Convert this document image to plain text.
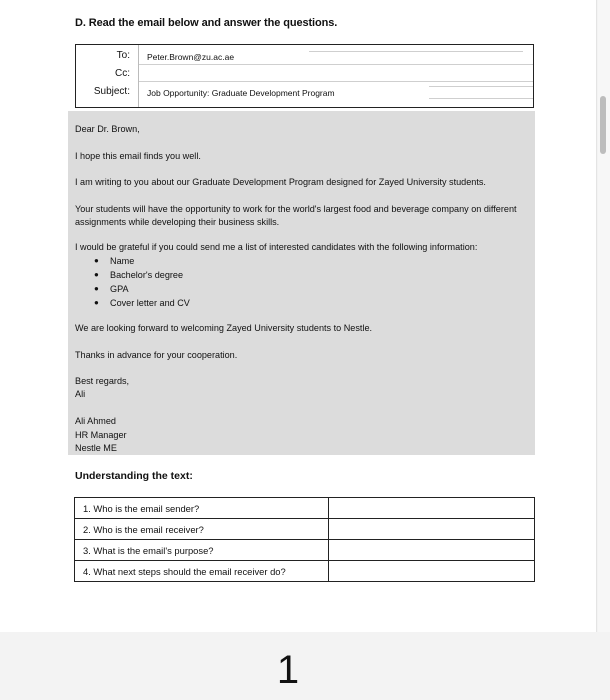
D. Read the email below and answer the questions.
To: Peter.Brown@zu.ac.ae
Cc:
Subject: Job Opportunity: Graduate Development Program
Dear Dr. Brown,
I hope this email finds you well.
I am writing to you about our Graduate Development Program designed for Zayed University students.
Your students will have the opportunity to work for the world's largest food and beverage company on different assignments while developing their business skills.
I would be grateful if you could send me a list of interested candidates with the following information:
● Name
● Bachelor's degree
● GPA
● Cover letter and CV
We are looking forward to welcoming Zayed University students to Nestle.
Thanks in advance for your cooperation.
Best regards,
Ali
Ali Ahmed
HR Manager
Nestle ME
Understanding the text:
1. Who is the email sender?	
2. Who is the email receiver?	
3. What is the email's purpose?	
4. What next steps should the email receiver do?	
1
